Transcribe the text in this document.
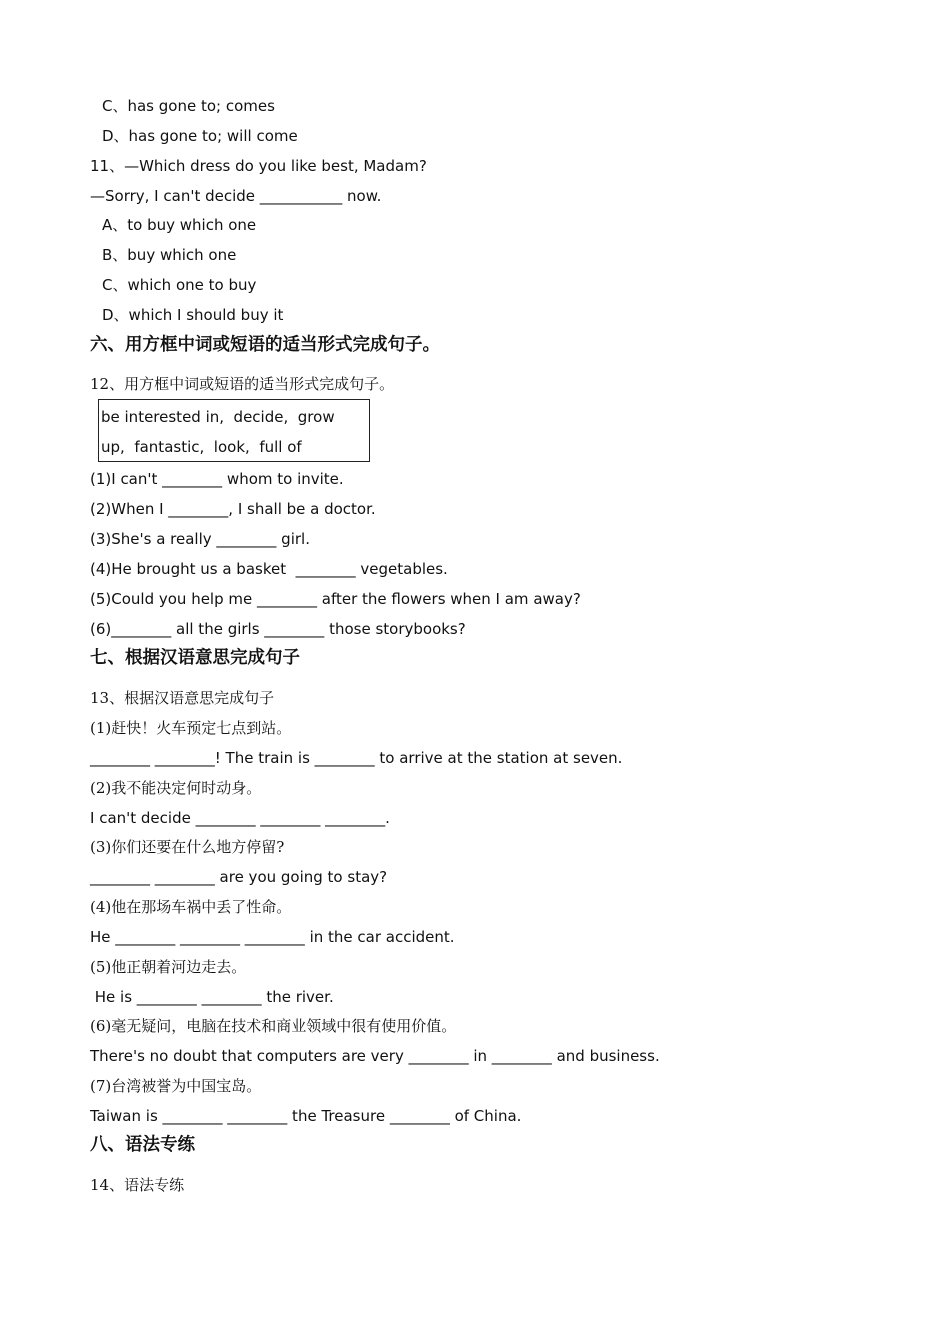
C、has gone to; comes
D、has gone to; will come
11、—Which dress do you like best, Madam?
—Sorry, I can't decide ___________ now.
A、to buy which one
B、buy which one
C、which one to buy
D、which I should buy it
六、用方框中词或短语的适当形式完成句子。
12、用方框中词或短语的适当形式完成句子。
be interested in,  decide,  grow
up,  fantastic,  look,  full of
(1)I can't ________ whom to invite.
(2)When I ________, I shall be a doctor.
(3)She's a really ________ girl.
(4)He brought us a basket  ________ vegetables.
(5)Could you help me ________ after the flowers when I am away?
(6)________ all the girls ________ those storybooks?
七、根据汉语意思完成句子
13、根据汉语意思完成句子
(1)赶快！火车预定七点到站。
________ ________! The train is ________ to arrive at the station at seven.
(2)我不能决定何时动身。
I can't decide ________ ________ ________.
(3)你们还要在什么地方停留?
________ ________ are you going to stay?
(4)他在那场车祸中丢了性命。
He ________ ________ ________ in the car accident.
(5)他正朝着河边走去。
He is ________ ________ the river.
(6)毫无疑问，电脑在技术和商业领域中很有使用价值。
There's no doubt that computers are very ________ in ________ and business.
(7)台湾被誉为中国宝岛。
Taiwan is ________ ________ the Treasure ________ of China.
八、语法专练
14、语法专练
